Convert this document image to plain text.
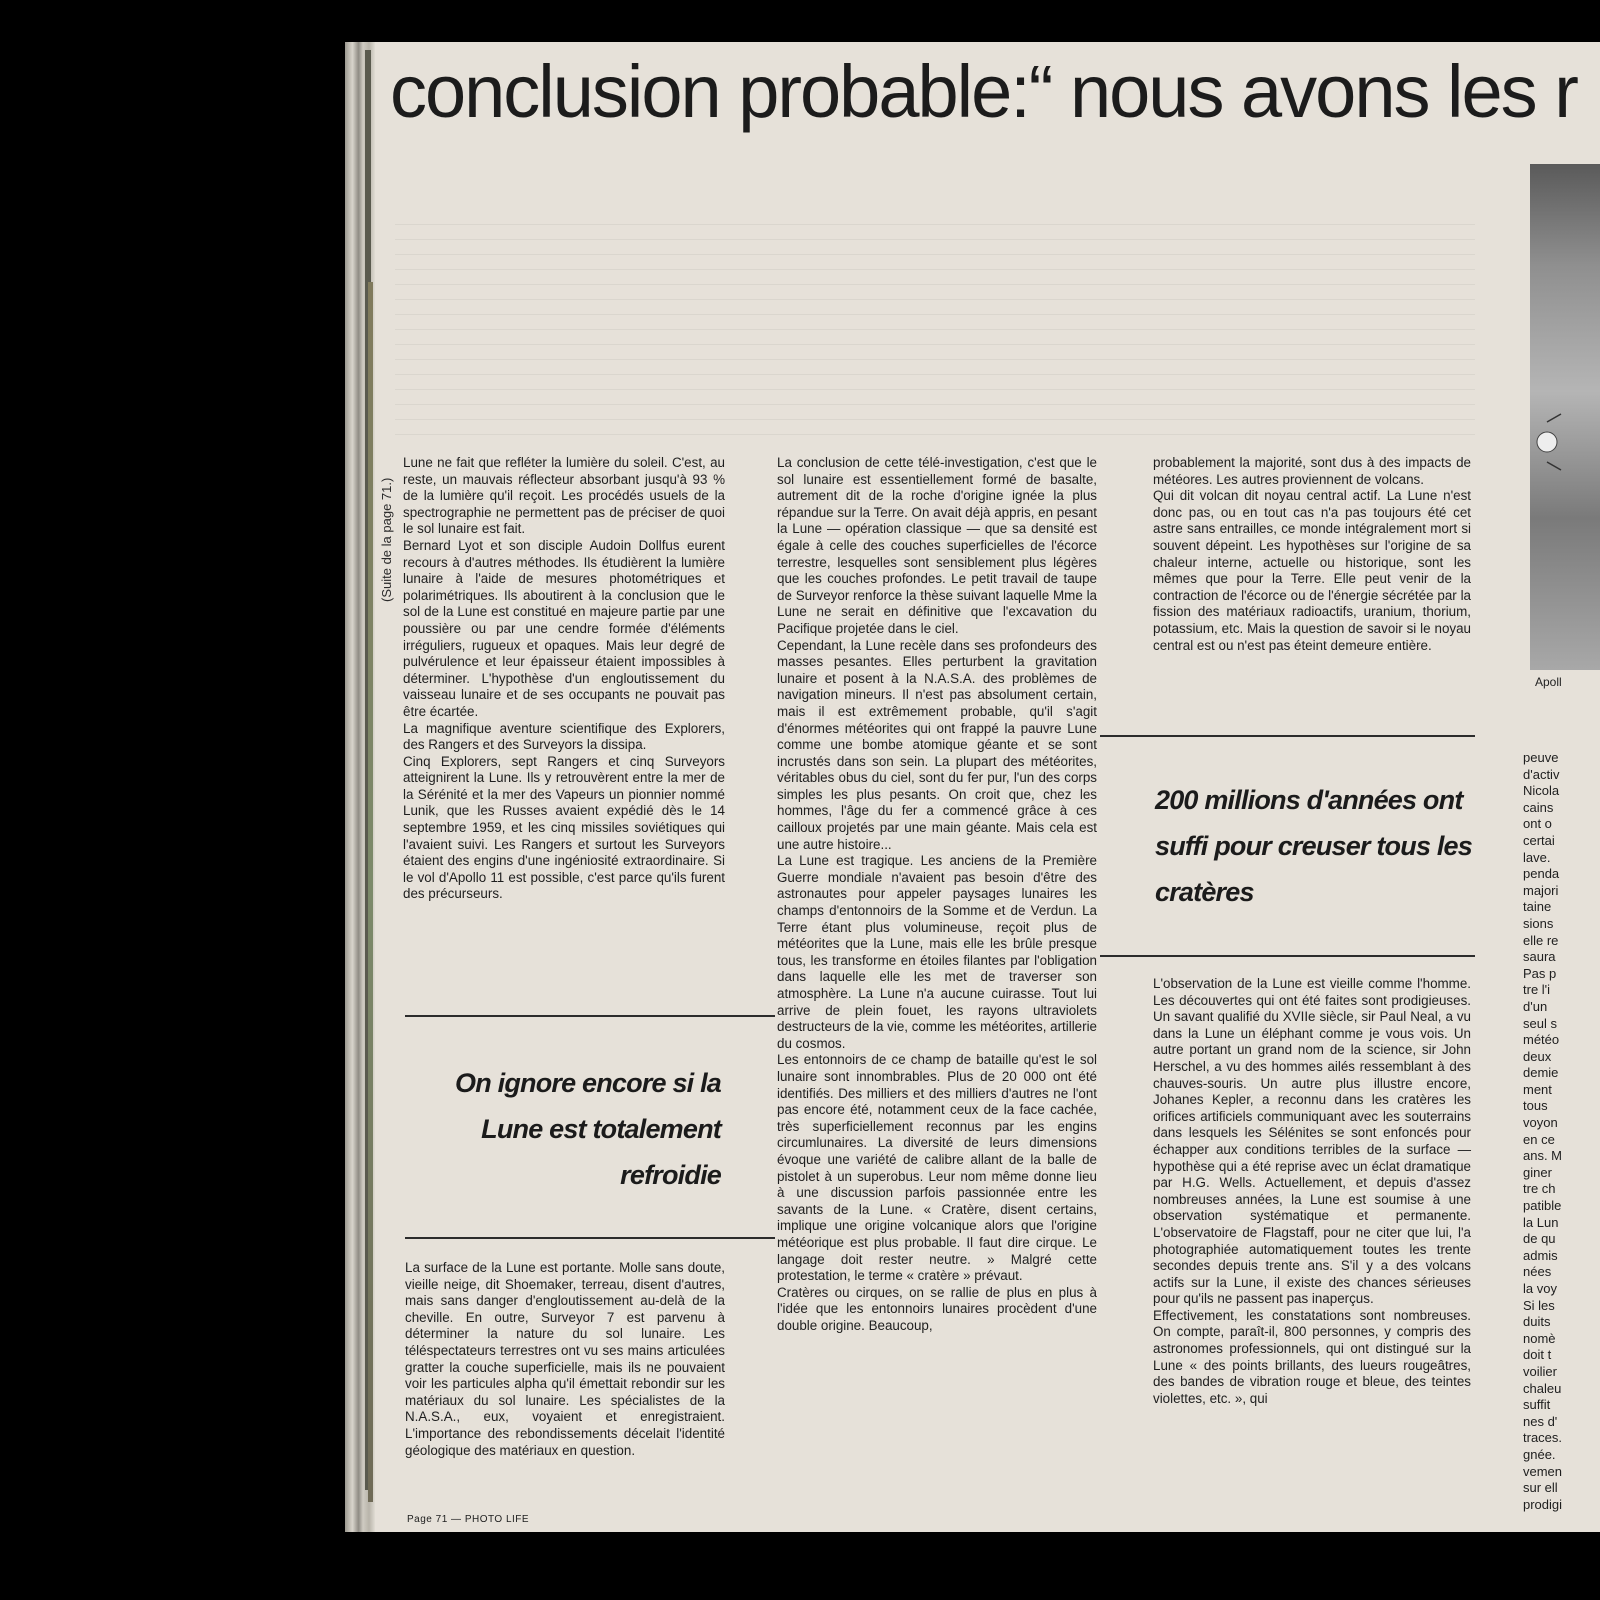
conclusion probable:“ nous avons les r
(Suite de la page 71.)

Lune ne fait que refléter la lumière du soleil. C'est, au reste, un mauvais réflecteur absorbant jusqu'à 93 % de la lumière qu'il reçoit. Les procédés usuels de la spectrographie ne permettent pas de préciser de quoi le sol lunaire est fait.

Bernard Lyot et son disciple Audoin Dollfus eurent recours à d'autres méthodes. Ils étudièrent la lumière lunaire à l'aide de mesures photométriques et polarimétriques. Ils aboutirent à la conclusion que le sol de la Lune est constitué en majeure partie par une poussière ou par une cendre formée d'éléments irréguliers, rugueux et opaques. Mais leur degré de pulvérulence et leur épaisseur étaient impossibles à déterminer. L'hypothèse d'un engloutissement du vaisseau lunaire et de ses occupants ne pouvait pas être écartée.

La magnifique aventure scientifique des Explorers, des Rangers et des Surveyors la dissipa.

Cinq Explorers, sept Rangers et cinq Surveyors atteignirent la Lune. Ils y retrouvèrent entre la mer de la Sérénité et la mer des Vapeurs un pionnier nommé Lunik, que les Russes avaient expédié dès le 14 septembre 1959, et les cinq missiles soviétiques qui l'avaient suivi. Les Rangers et surtout les Surveyors étaient des engins d'une ingéniosité extraordinaire. Si le vol d'Apollo 11 est possible, c'est parce qu'ils furent des précurseurs.

On ignore encore si la Lune est totalement refroidie

La surface de la Lune est portante. Molle sans doute, vieille neige, dit Shoemaker, terreau, disent d'autres, mais sans danger d'engloutissement au-delà de la cheville. En outre, Surveyor 7 est parvenu à déterminer la nature du sol lunaire. Les téléspectateurs terrestres ont vu ses mains articulées gratter la couche superficielle, mais ils ne pouvaient voir les particules alpha qu'il émettait rebondir sur les matériaux du sol lunaire. Les spécialistes de la N.A.S.A., eux, voyaient et enregistraient. L'importance des rebondissements décelait l'identité géologique des matériaux en question.

La conclusion de cette télé-investigation, c'est que le sol lunaire est essentiellement formé de basalte, autrement dit de la roche d'origine ignée la plus répandue sur la Terre. On avait déjà appris, en pesant la Lune — opération classique — que sa densité est égale à celle des couches superficielles de l'écorce terrestre, lesquelles sont sensiblement plus légères que les couches profondes. Le petit travail de taupe de Surveyor renforce la thèse suivant laquelle Mme la Lune ne serait en définitive que l'excavation du Pacifique projetée dans le ciel.

Cependant, la Lune recèle dans ses profondeurs des masses pesantes. Elles perturbent la gravitation lunaire et posent à la N.A.S.A. des problèmes de navigation mineurs. Il n'est pas absolument certain, mais il est extrêmement probable, qu'il s'agit d'énormes météorites qui ont frappé la pauvre Lune comme une bombe atomique géante et se sont incrustés dans son sein. La plupart des météorites, véritables obus du ciel, sont du fer pur, l'un des corps simples les plus pesants. On croit que, chez les hommes, l'âge du fer a commencé grâce à ces cailloux projetés par une main géante. Mais cela est une autre histoire...

La Lune est tragique. Les anciens de la Première Guerre mondiale n'avaient pas besoin d'être des astronautes pour appeler paysages lunaires les champs d'entonnoirs de la Somme et de Verdun. La Terre étant plus volumineuse, reçoit plus de météorites que la Lune, mais elle les brûle presque tous, les transforme en étoiles filantes par l'obligation dans laquelle elle les met de traverser son atmosphère. La Lune n'a aucune cuirasse. Tout lui arrive de plein fouet, les rayons ultraviolets destructeurs de la vie, comme les météorites, artillerie du cosmos.

Les entonnoirs de ce champ de bataille qu'est le sol lunaire sont innombrables. Plus de 20 000 ont été identifiés. Des milliers et des milliers d'autres ne l'ont pas encore été, notamment ceux de la face cachée, très superficiellement reconnus par les engins circumlunaires. La diversité de leurs dimensions évoque une variété de calibre allant de la balle de pistolet à un superobus. Leur nom même donne lieu à une discussion parfois passionnée entre les savants de la Lune. « Cratère, disent certains, implique une origine volcanique alors que l'origine météorique est plus probable. Il faut dire cirque. Le langage doit rester neutre. » Malgré cette protestation, le terme « cratère » prévaut.

Cratères ou cirques, on se rallie de plus en plus à l'idée que les entonnoirs lunaires procèdent d'une double origine. Beaucoup,

probablement la majorité, sont dus à des impacts de météores. Les autres proviennent de volcans.

Qui dit volcan dit noyau central actif. La Lune n'est donc pas, ou en tout cas n'a pas toujours été cet astre sans entrailles, ce monde intégralement mort si souvent dépeint. Les hypothèses sur l'origine de sa chaleur interne, actuelle ou historique, sont les mêmes que pour la Terre. Elle peut venir de la contraction de l'écorce ou de l'énergie sécrétée par la fission des matériaux radioactifs, uranium, thorium, potassium, etc. Mais la question de savoir si le noyau central est ou n'est pas éteint demeure entière.

200 millions d'années ont suffi pour creuser tous les cratères

L'observation de la Lune est vieille comme l'homme. Les découvertes qui ont été faites sont prodigieuses. Un savant qualifié du XVIIe siècle, sir Paul Neal, a vu dans la Lune un éléphant comme je vous vois. Un autre portant un grand nom de la science, sir John Herschel, a vu des hommes ailés ressemblant à des chauves-souris. Un autre plus illustre encore, Johanes Kepler, a reconnu dans les cratères les orifices artificiels communiquant avec les souterrains dans lesquels les Sélénites se sont enfoncés pour échapper aux conditions terribles de la surface — hypothèse qui a été reprise avec un éclat dramatique par H.G. Wells. Actuellement, et depuis d'assez nombreuses années, la Lune est soumise à une observation systématique et permanente. L'observatoire de Flagstaff, pour ne citer que lui, l'a photographiée automatiquement toutes les trente secondes depuis trente ans. S'il y a des volcans actifs sur la Lune, il existe des chances sérieuses pour qu'ils ne passent pas inaperçus.

Effectivement, les constatations sont nombreuses. On compte, paraît-il, 800 personnes, y compris des astronomes professionnels, qui ont distingué sur la Lune « des points brillants, des lueurs rougeâtres, des bandes de vibration rouge et bleue, des teintes violettes, etc. », qui

Apoll
peuve
d'activ
Nicola
cains
ont o
certai
lave.
penda
majori
taine
sions
elle re
saura
Pas p
tre l'i
d'un
seul s
météo
deux
demie
ment
tous
voyon
en ce
ans. M
giner
tre ch
patible
la Lun
de qu
admis
nées
la voy
Si les
duits
nomè
doit t
voilier
chaleu
suffit
nes d'
traces.
gnée.
vemen
sur ell
prodigi
Page 71 — PHOTO LIFE
